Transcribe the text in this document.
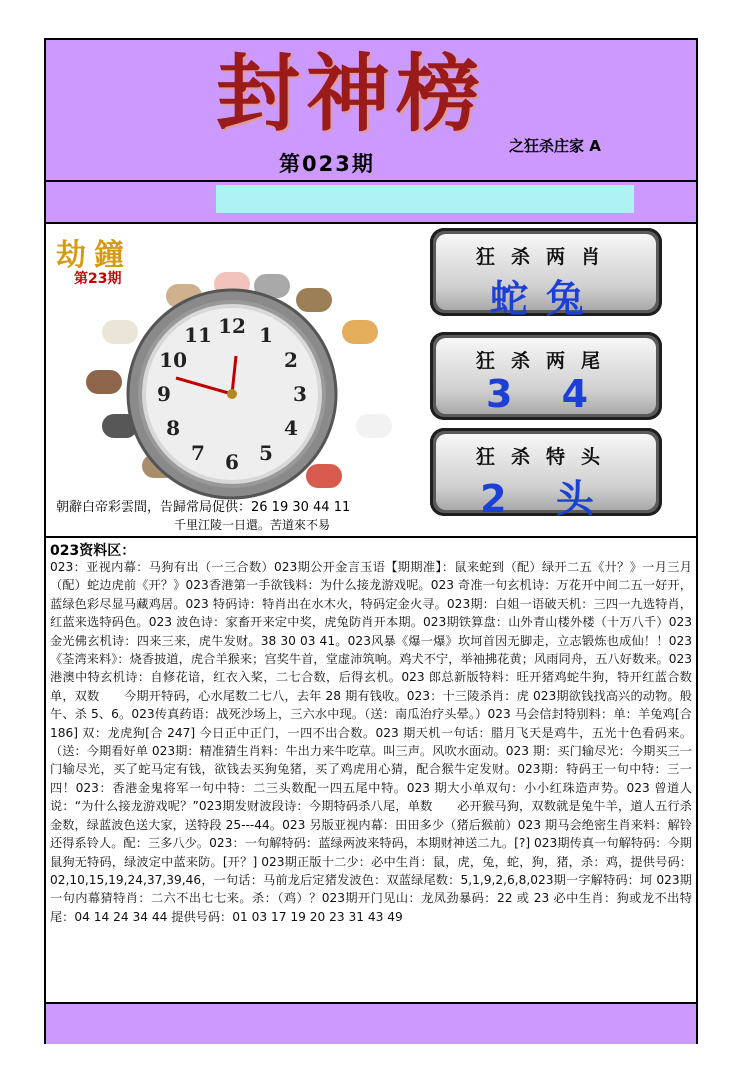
封神榜
第023期
之狂杀庄家 A
劫鐘
第23期
12 1
2
3
4
5
6
7
8
9
10
11
朝辭白帝彩雲間，告歸常局促供：26 19 30 44 11
千里江陵一日還。苦道來不易
狂杀两肖
蛇兔
狂杀两尾
3 4
狂杀特头
2 头
023资料区：
023：亚视内幕：马狗有出（一三合数）023期公开金言玉语【期期准】：鼠来蛇到（配）绿开二五《廾？》一月三月（配）蛇边虎前《开？》023香港第一手欲钱料：为什么接龙游戏呢。023 奇准一句玄机诗：万花开中间二五一好开，蓝绿色彩尽显马藏鸡居。023 特码诗：特肖出在水木火，特码定金火寻。023期：白姐一语破天机：三四一九选特肖，红蓝来选特码色。023 波色诗：家畜开来定中奖，虎兔防肖开本期。023期铁算盘：山外青山楼外楼（十万八千）023金光佛玄机诗：四来三来，虎牛发财。38 30 03 41。023风暴《爆一爆》坎坷首因无脚走，立志锻炼也成仙！！023《荃湾来料》：烧香披道，虎合羊猴来；宫奖牛首，堂虚沛筑响。鸡犬不宁，举袖拂花黄；风雨同舟，五八好数来。023 港澳中特玄机诗：自修花谙，红衣入桨，二七合数，后得玄机。023 郎总新版特料：旺开猪鸡蛇牛狗，特开红蓝合数单，双数　　今期开特码，心水尾数二七八，去年 28 期有钱收。023：十三陵杀肖：虎 023期欲钱找高兴的动物。般午、杀 5、6。023传真药语：战死沙场上，三六水中现。（送：南瓜治疗头晕。）023 马会信封特别料：单：羊兔鸡[合 186] 双：龙虎狗[合 247] 今日正中正门，一四不出合数。023 期天机一句话：腊月飞天是鸡牛，五光十色看码来。（送：今期看好单 023期：精准猜生肖料：牛出力来牛吃草。叫三声。风吹水面动。023 期：买门输尽光：今期买三一门输尽光，买了蛇马定有钱，欲钱去买狗兔猪，买了鸡虎用心猜，配合猴牛定发财。023期：特码王一句中特：三一四！023：香港金鬼将军一句中特：二三头数配一四五尾中特。023 期大小单双句：小小红珠造声势。023 曾道人说：“为什么接龙游戏呢？”023期发财波段诗：今期特码杀八尾，单数　　必开猴马狗，双数就是兔牛羊，道人五行杀金数，绿蓝波色送大家，送特段 25---44。023 另版亚视内幕：田田多少（猪后猴前）023 期马会绝密生肖来料：解铃还得系铃人。配：三多八少。023：一句解特码：蓝绿两波来特码，本期财神送二九。[?] 023期传真一句解特码：今期鼠狗无特码，绿波定中蓝来防。[开？] 023期正版十二少：必中生肖：鼠，虎，兔，蛇，狗，猪，杀：鸡，提供号码：02,10,15,19,24,37,39,46，一句话：马前龙后定猪发波色：双蓝绿尾数：5,1,9,2,6,8,023期一字解特码：坷 023期一句内幕猜特肖：二六不出七七来。杀：（鸡）？023期开门见山：龙凤劲暴码：22 或 23 必中生肖：狗或龙不出特尾：04 14 24 34 44 提供号码：01 03 17 19 20 23 31 43 49
